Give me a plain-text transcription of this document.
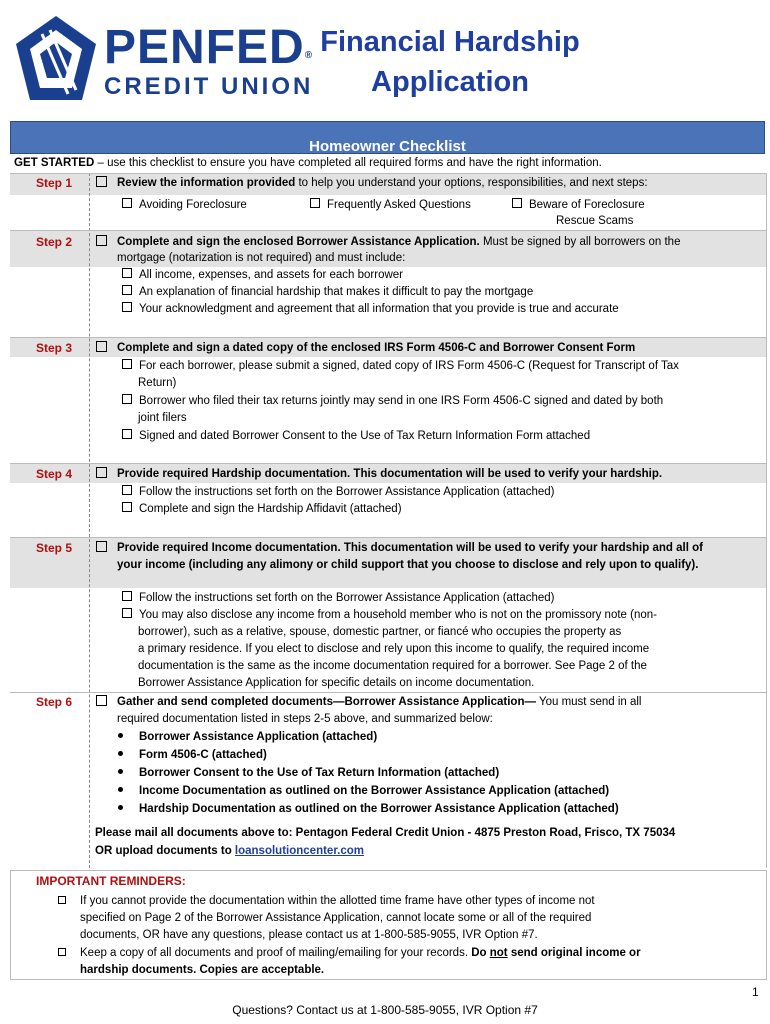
PENFED®
CREDIT UNION
Financial Hardship
Application
Homeowner Checklist
GET STARTED – use this checklist to ensure you have completed all required forms and have the right information.
Step 1	Review the information provided to help you understand your options, responsibilities, and next steps:
Avoiding Foreclosure	Frequently Asked Questions	Beware of Foreclosure
Rescue Scams
Step 2	Complete and sign the enclosed Borrower Assistance Application. Must be signed by all borrowers on the
mortgage (notarization is not required) and must include:
All income, expenses, and assets for each borrower
An explanation of financial hardship that makes it difficult to pay the mortgage
Your acknowledgment and agreement that all information that you provide is true and accurate
Step 3	Complete and sign a dated copy of the enclosed IRS Form 4506-C and Borrower Consent Form
For each borrower, please submit a signed, dated copy of IRS Form 4506-C (Request for Transcript of Tax
Return)
Borrower who filed their tax returns jointly may send in one IRS Form 4506-C signed and dated by both
joint filers
Signed and dated Borrower Consent to the Use of Tax Return Information Form attached
Step 4	Provide required Hardship documentation. This documentation will be used to verify your hardship.
Follow the instructions set forth on the Borrower Assistance Application (attached)
Complete and sign the Hardship Affidavit (attached)
Step 5	Provide required Income documentation. This documentation will be used to verify your hardship and all of
your income (including any alimony or child support that you choose to disclose and rely upon to qualify).
Follow the instructions set forth on the Borrower Assistance Application (attached)
You may also disclose any income from a household member who is not on the promissory note (non-
borrower), such as a relative, spouse, domestic partner, or fiancé who occupies the property as
a primary residence. If you elect to disclose and rely upon this income to qualify, the required income
documentation is the same as the income documentation required for a borrower. See Page 2 of the
Borrower Assistance Application for specific details on income documentation.
Step 6	Gather and send completed documents—Borrower Assistance Application— You must send in all
required documentation listed in steps 2-5 above, and summarized below:
Borrower Assistance Application (attached)
Form 4506-C (attached)
Borrower Consent to the Use of Tax Return Information (attached)
Income Documentation as outlined on the Borrower Assistance Application (attached)
Hardship Documentation as outlined on the Borrower Assistance Application (attached)
Please mail all documents above to: Pentagon Federal Credit Union - 4875 Preston Road, Frisco, TX 75034
OR upload documents to loansolutioncenter.com
IMPORTANT REMINDERS:
If you cannot provide the documentation within the allotted time frame have other types of income not
specified on Page 2 of the Borrower Assistance Application, cannot locate some or all of the required
documents, OR have any questions, please contact us at 1-800-585-9055, IVR Option #7.
Keep a copy of all documents and proof of mailing/emailing for your records. Do not send original income or
hardship documents. Copies are acceptable.
1
Questions? Contact us at 1-800-585-9055, IVR Option #7
